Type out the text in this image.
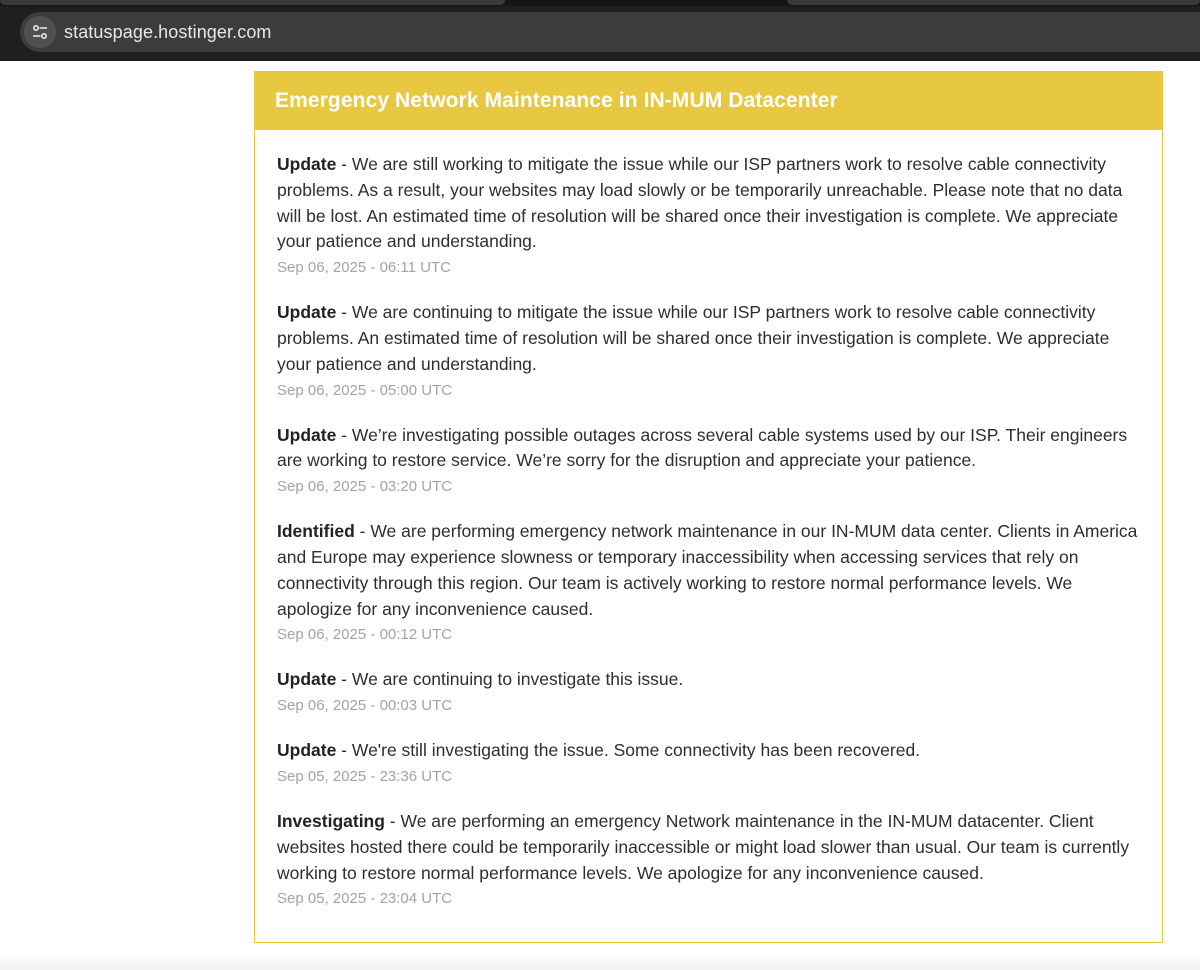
statuspage.hostinger.com
Emergency Network Maintenance in IN-MUM Datacenter
Update - We are still working to mitigate the issue while our ISP partners work to resolve cable connectivity problems. As a result, your websites may load slowly or be temporarily unreachable. Please note that no data will be lost. An estimated time of resolution will be shared once their investigation is complete. We appreciate your patience and understanding.
Sep 06, 2025 - 06:11 UTC
Update - We are continuing to mitigate the issue while our ISP partners work to resolve cable connectivity problems. An estimated time of resolution will be shared once their investigation is complete. We appreciate your patience and understanding.
Sep 06, 2025 - 05:00 UTC
Update - We’re investigating possible outages across several cable systems used by our ISP. Their engineers are working to restore service. We’re sorry for the disruption and appreciate your patience.
Sep 06, 2025 - 03:20 UTC
Identified - We are performing emergency network maintenance in our IN-MUM data center. Clients in America and Europe may experience slowness or temporary inaccessibility when accessing services that rely on connectivity through this region. Our team is actively working to restore normal performance levels. We apologize for any inconvenience caused.
Sep 06, 2025 - 00:12 UTC
Update - We are continuing to investigate this issue.
Sep 06, 2025 - 00:03 UTC
Update - We're still investigating the issue. Some connectivity has been recovered.
Sep 05, 2025 - 23:36 UTC
Investigating - We are performing an emergency Network maintenance in the IN-MUM datacenter. Client websites hosted there could be temporarily inaccessible or might load slower than usual. Our team is currently working to restore normal performance levels. We apologize for any inconvenience caused.
Sep 05, 2025 - 23:04 UTC
